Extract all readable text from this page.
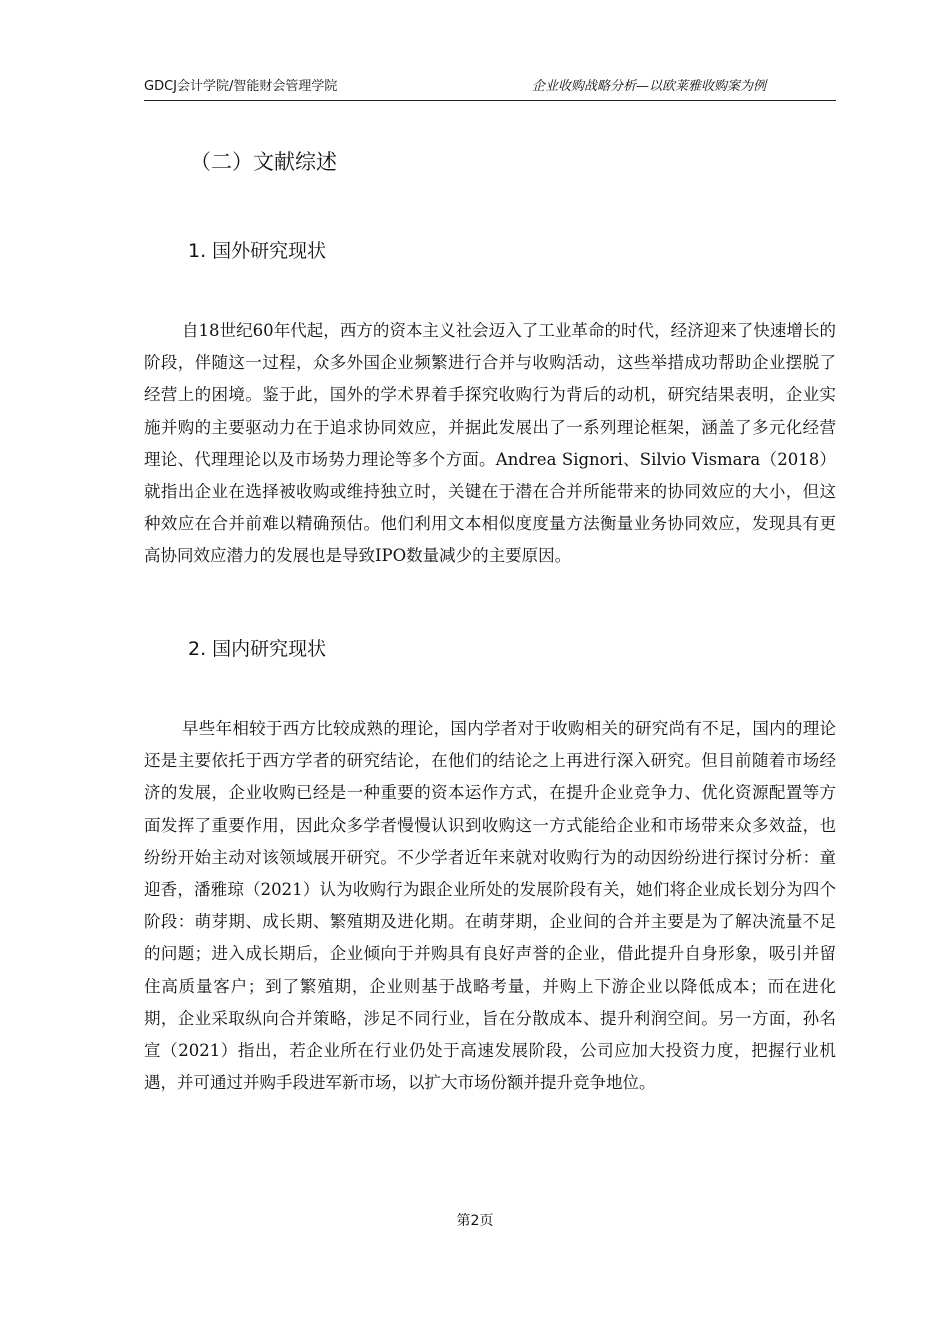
GDCJ会计学院/智能财会管理学院	企业收购战略分析—以欧莱雅收购案为例
（二）文献综述
1. 国外研究现状

自18世纪60年代起，西方的资本主义社会迈入了工业革命的时代，经济迎来了快速增长的阶段，伴随这一过程，众多外国企业频繁进行合并与收购活动，这些举措成功帮助企业摆脱了经营上的困境。鉴于此，国外的学术界着手探究收购行为背后的动机，研究结果表明，企业实施并购的主要驱动力在于追求协同效应，并据此发展出了一系列理论框架，涵盖了多元化经营理论、代理理论以及市场势力理论等多个方面。Andrea Signori、Silvio Vismara（2018）就指出企业在选择被收购或维持独立时，关键在于潜在合并所能带来的协同效应的大小，但这种效应在合并前难以精确预估。他们利用文本相似度度量方法衡量业务协同效应，发现具有更高协同效应潜力的发展也是导致IPO数量减少的主要原因。

2. 国内研究现状

早些年相较于西方比较成熟的理论，国内学者对于收购相关的研究尚有不足，国内的理论还是主要依托于西方学者的研究结论，在他们的结论之上再进行深入研究。但目前随着市场经济的发展，企业收购已经是一种重要的资本运作方式，在提升企业竞争力、优化资源配置等方面发挥了重要作用，因此众多学者慢慢认识到收购这一方式能给企业和市场带来众多效益，也纷纷开始主动对该领域展开研究。不少学者近年来就对收购行为的动因纷纷进行探讨分析：童迎香，潘雅琼（2021）认为收购行为跟企业所处的发展阶段有关，她们将企业成长划分为四个阶段：萌芽期、成长期、繁殖期及进化期。在萌芽期，企业间的合并主要是为了解决流量不足的问题；进入成长期后，企业倾向于并购具有良好声誉的企业，借此提升自身形象，吸引并留住高质量客户；到了繁殖期，企业则基于战略考量，并购上下游企业以降低成本；而在进化期，企业采取纵向合并策略，涉足不同行业，旨在分散成本、提升利润空间。另一方面，孙名宣（2021）指出，若企业所在行业仍处于高速发展阶段，公司应加大投资力度，把握行业机遇，并可通过并购手段进军新市场，以扩大市场份额并提升竞争地位。

第2页
